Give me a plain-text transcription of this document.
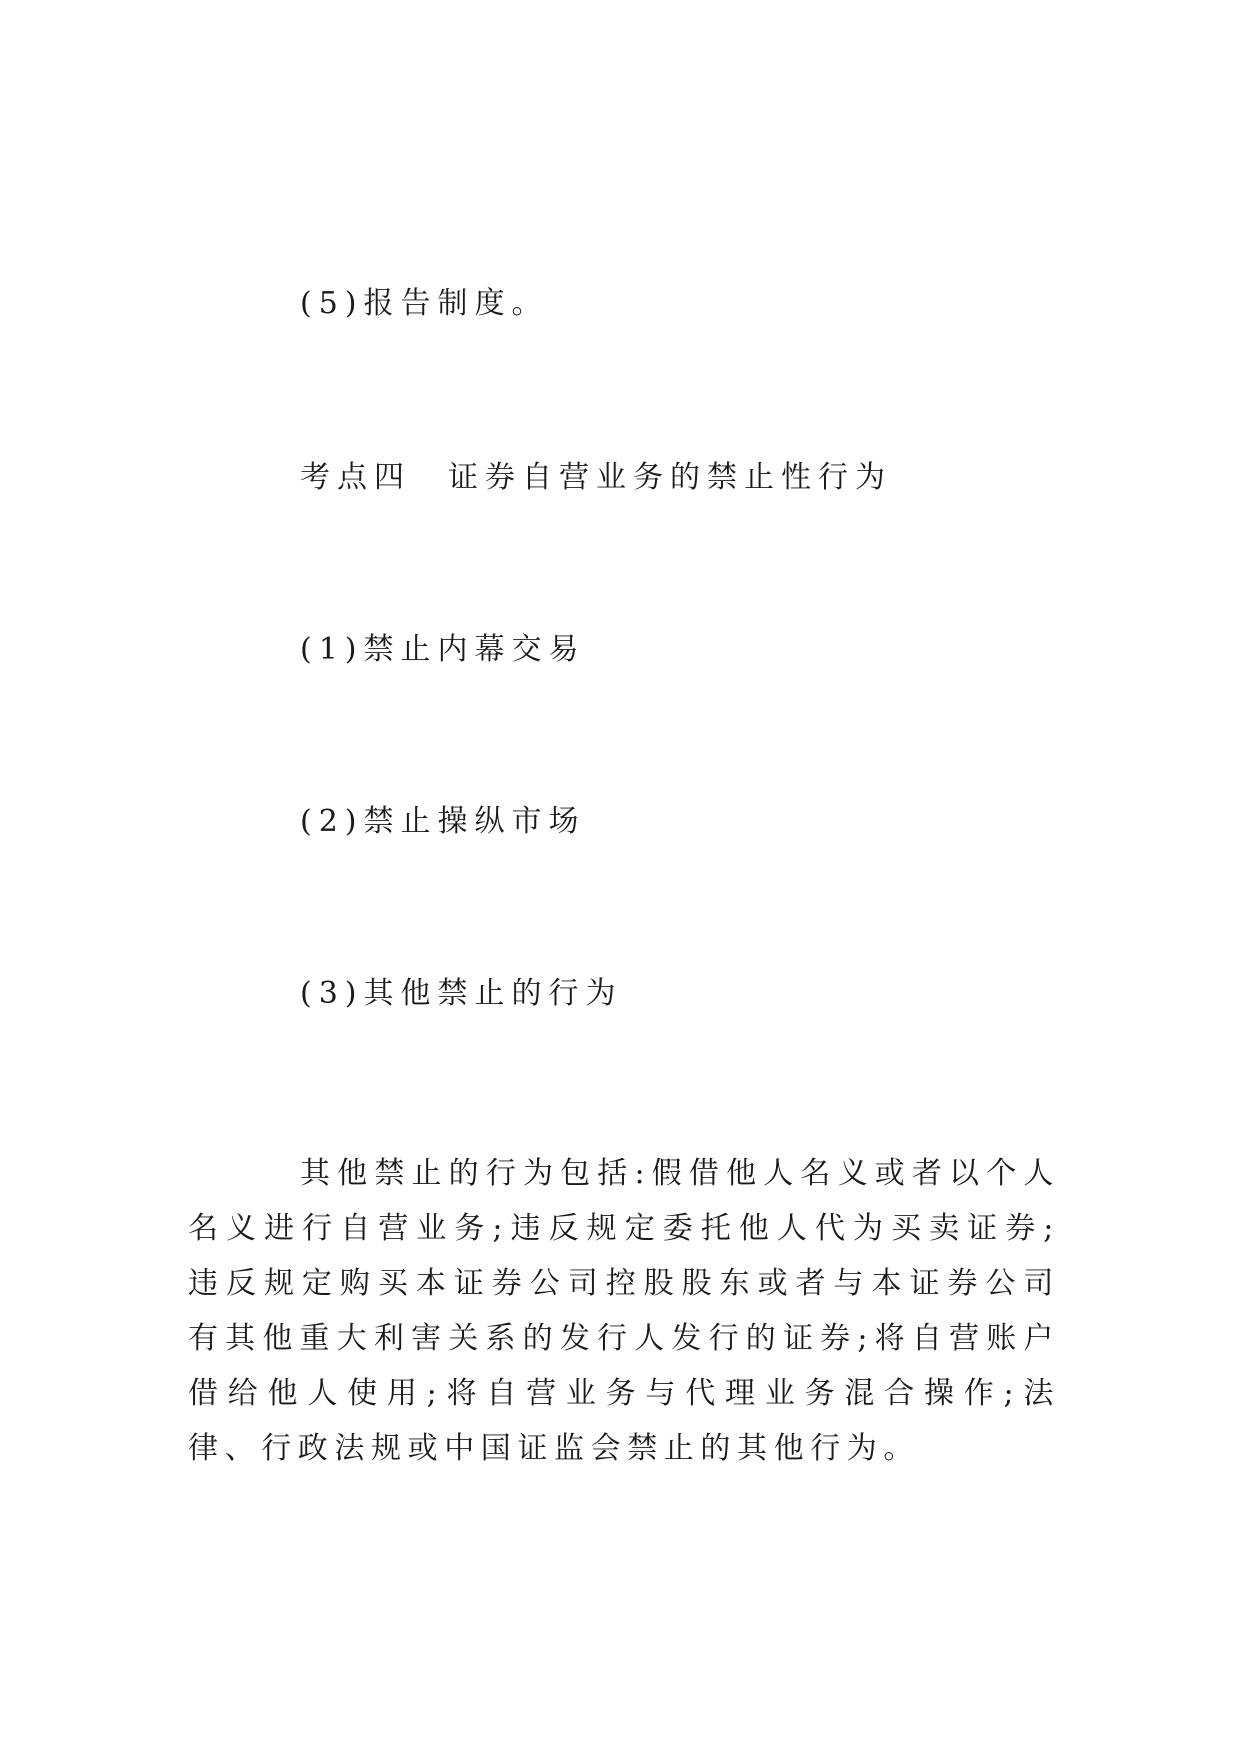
(5)报告制度。

考点四　证券自营业务的禁止性行为

(1)禁止内幕交易

(2)禁止操纵市场

(3)其他禁止的行为

其他禁止的行为包括:假借他人名义或者以个人名义进行自营业务;违反规定委托他人代为买卖证券;违反规定购买本证券公司控股股东或者与本证券公司有其他重大利害关系的发行人发行的证券;将自营账户借给他人使用;将自营业务与代理业务混合操作;法律、行政法规或中国证监会禁止的其他行为。
